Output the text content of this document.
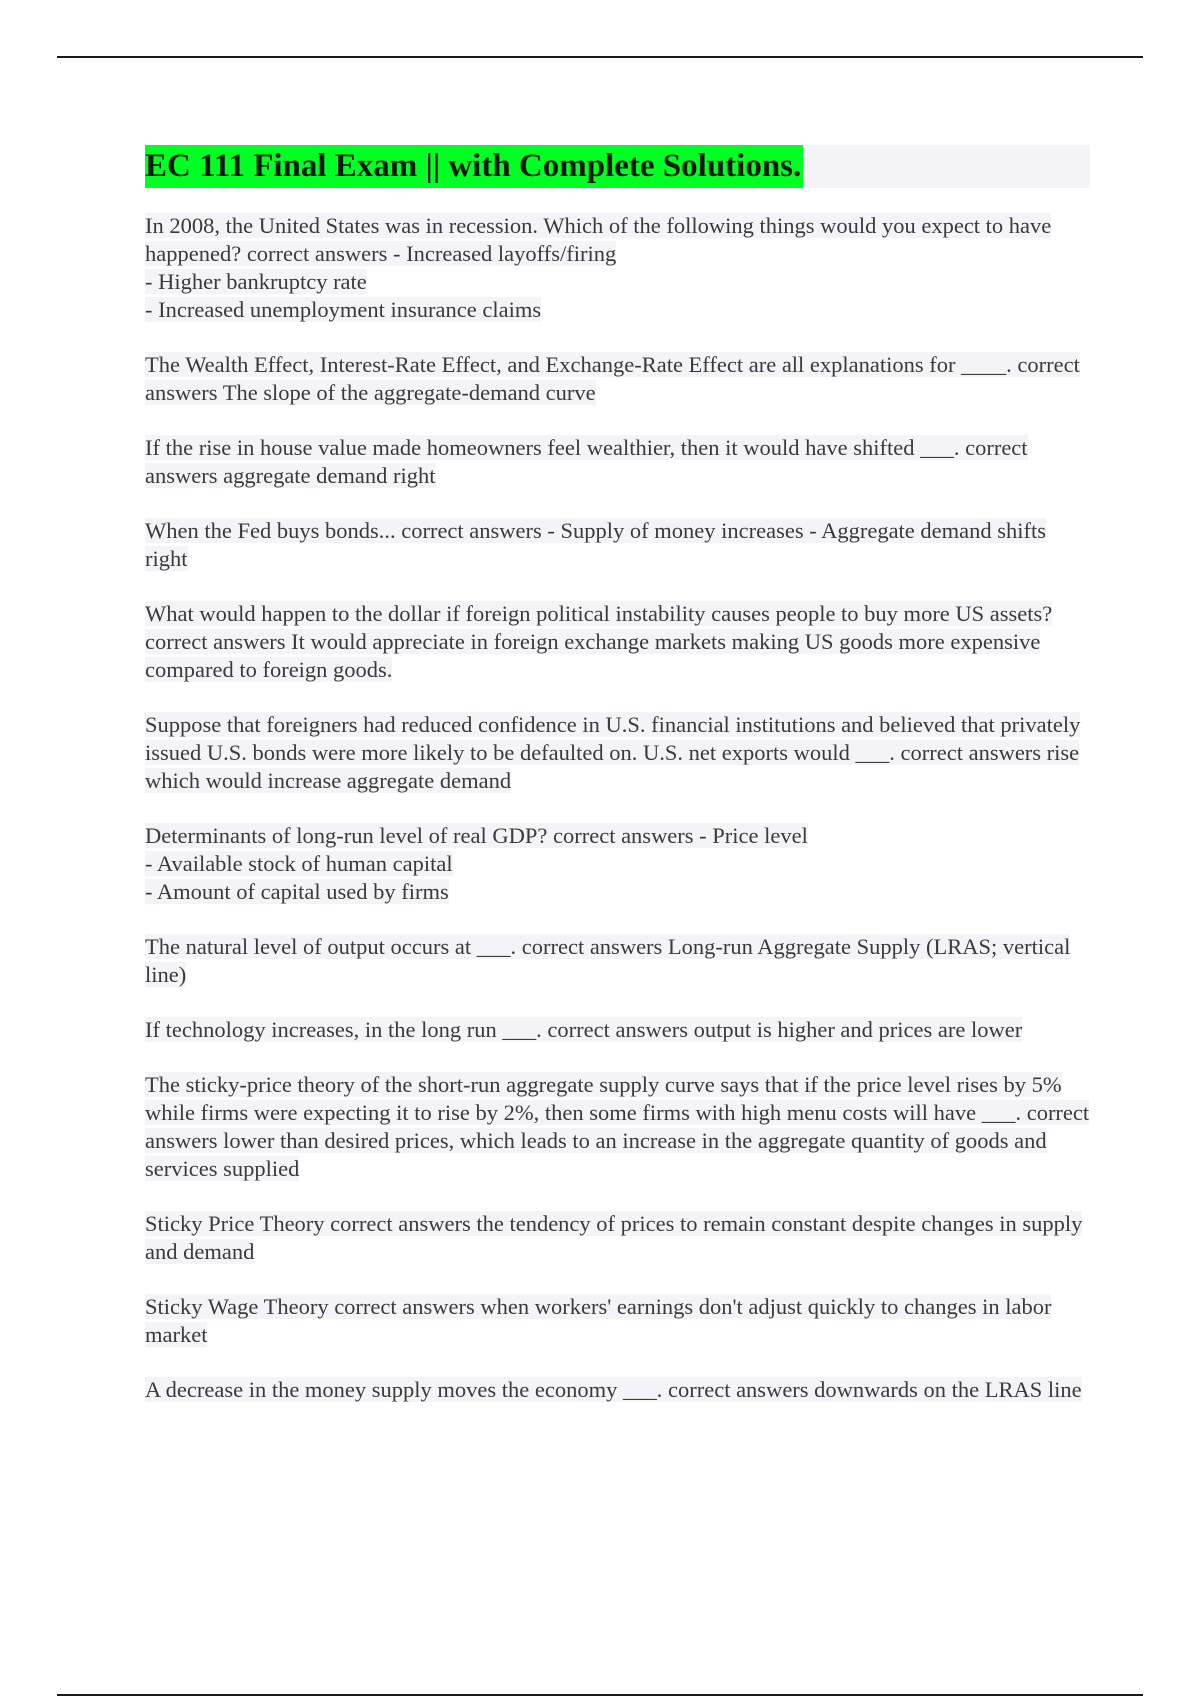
EC 111 Final Exam || with Complete Solutions.
In 2008, the United States was in recession. Which of the following things would you expect to have happened? correct answers - Increased layoffs/firing
- Higher bankruptcy rate
- Increased unemployment insurance claims
The Wealth Effect, Interest-Rate Effect, and Exchange-Rate Effect are all explanations for ____. correct answers The slope of the aggregate-demand curve
If the rise in house value made homeowners feel wealthier, then it would have shifted ___. correct answers aggregate demand right
When the Fed buys bonds... correct answers - Supply of money increases - Aggregate demand shifts right
What would happen to the dollar if foreign political instability causes people to buy more US assets? correct answers It would appreciate in foreign exchange markets making US goods more expensive compared to foreign goods.
Suppose that foreigners had reduced confidence in U.S. financial institutions and believed that privately issued U.S. bonds were more likely to be defaulted on. U.S. net exports would ___. correct answers rise which would increase aggregate demand
Determinants of long-run level of real GDP? correct answers - Price level
- Available stock of human capital
- Amount of capital used by firms
The natural level of output occurs at ___. correct answers Long-run Aggregate Supply (LRAS; vertical line)
If technology increases, in the long run ___. correct answers output is higher and prices are lower
The sticky-price theory of the short-run aggregate supply curve says that if the price level rises by 5% while firms were expecting it to rise by 2%, then some firms with high menu costs will have ___. correct answers lower than desired prices, which leads to an increase in the aggregate quantity of goods and services supplied
Sticky Price Theory correct answers the tendency of prices to remain constant despite changes in supply and demand
Sticky Wage Theory correct answers when workers' earnings don't adjust quickly to changes in labor market
A decrease in the money supply moves the economy ___. correct answers downwards on the LRAS line
